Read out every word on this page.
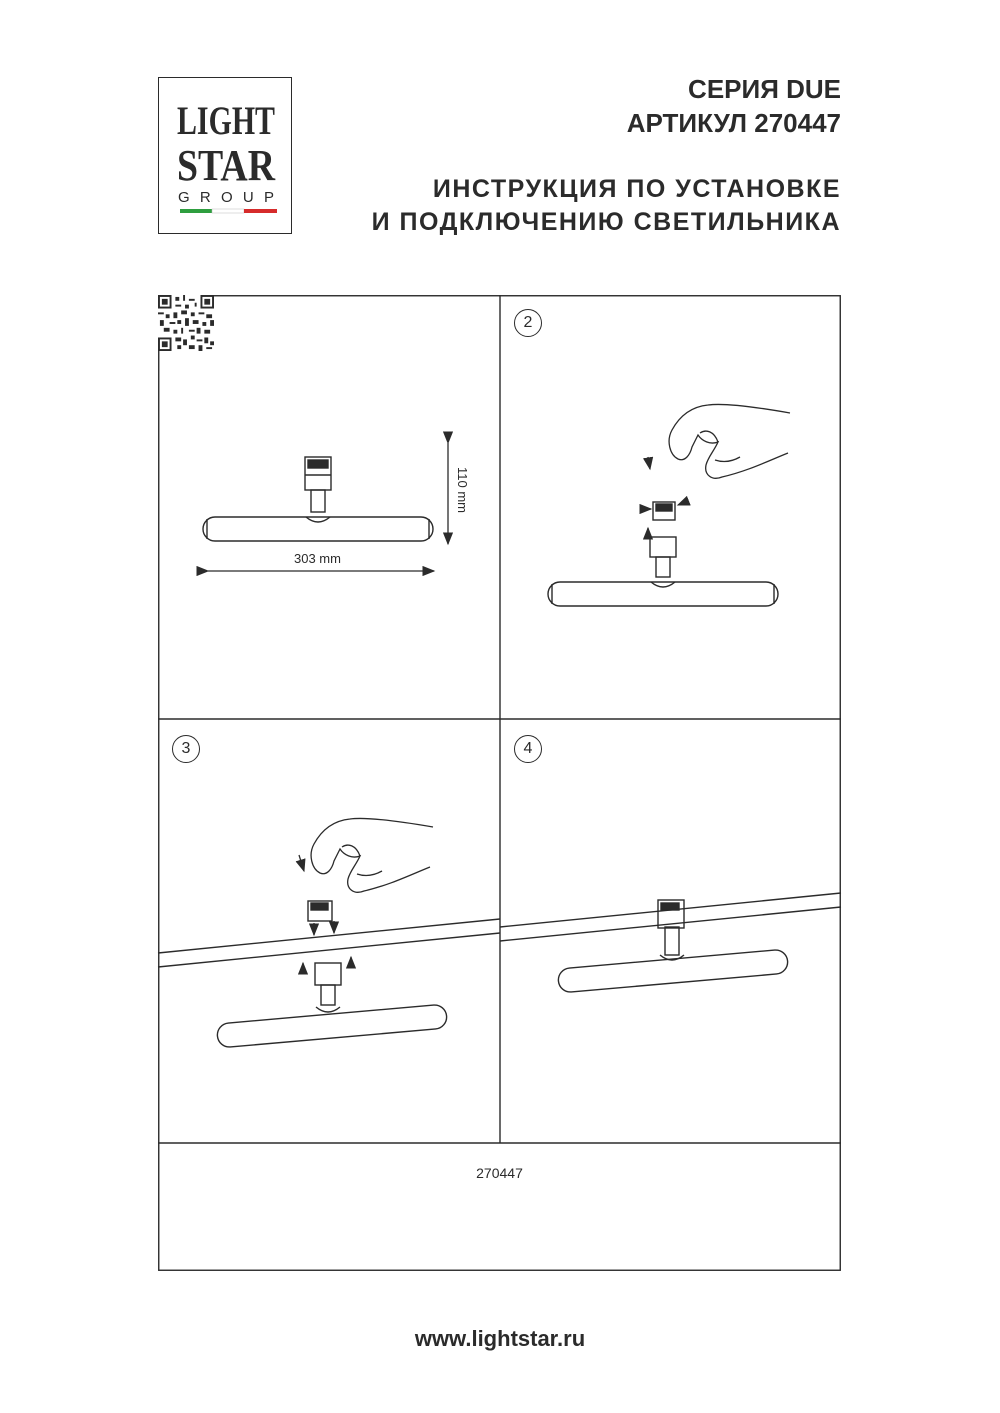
LIGHT
STAR
GROUP
СЕРИЯ DUE
АРТИКУЛ 270447
ИНСТРУКЦИЯ ПО УСТАНОВКЕ
И ПОДКЛЮЧЕНИЮ СВЕТИЛЬНИКА
2
3	4
303 mm
110 mm
270447
www.lightstar.ru
